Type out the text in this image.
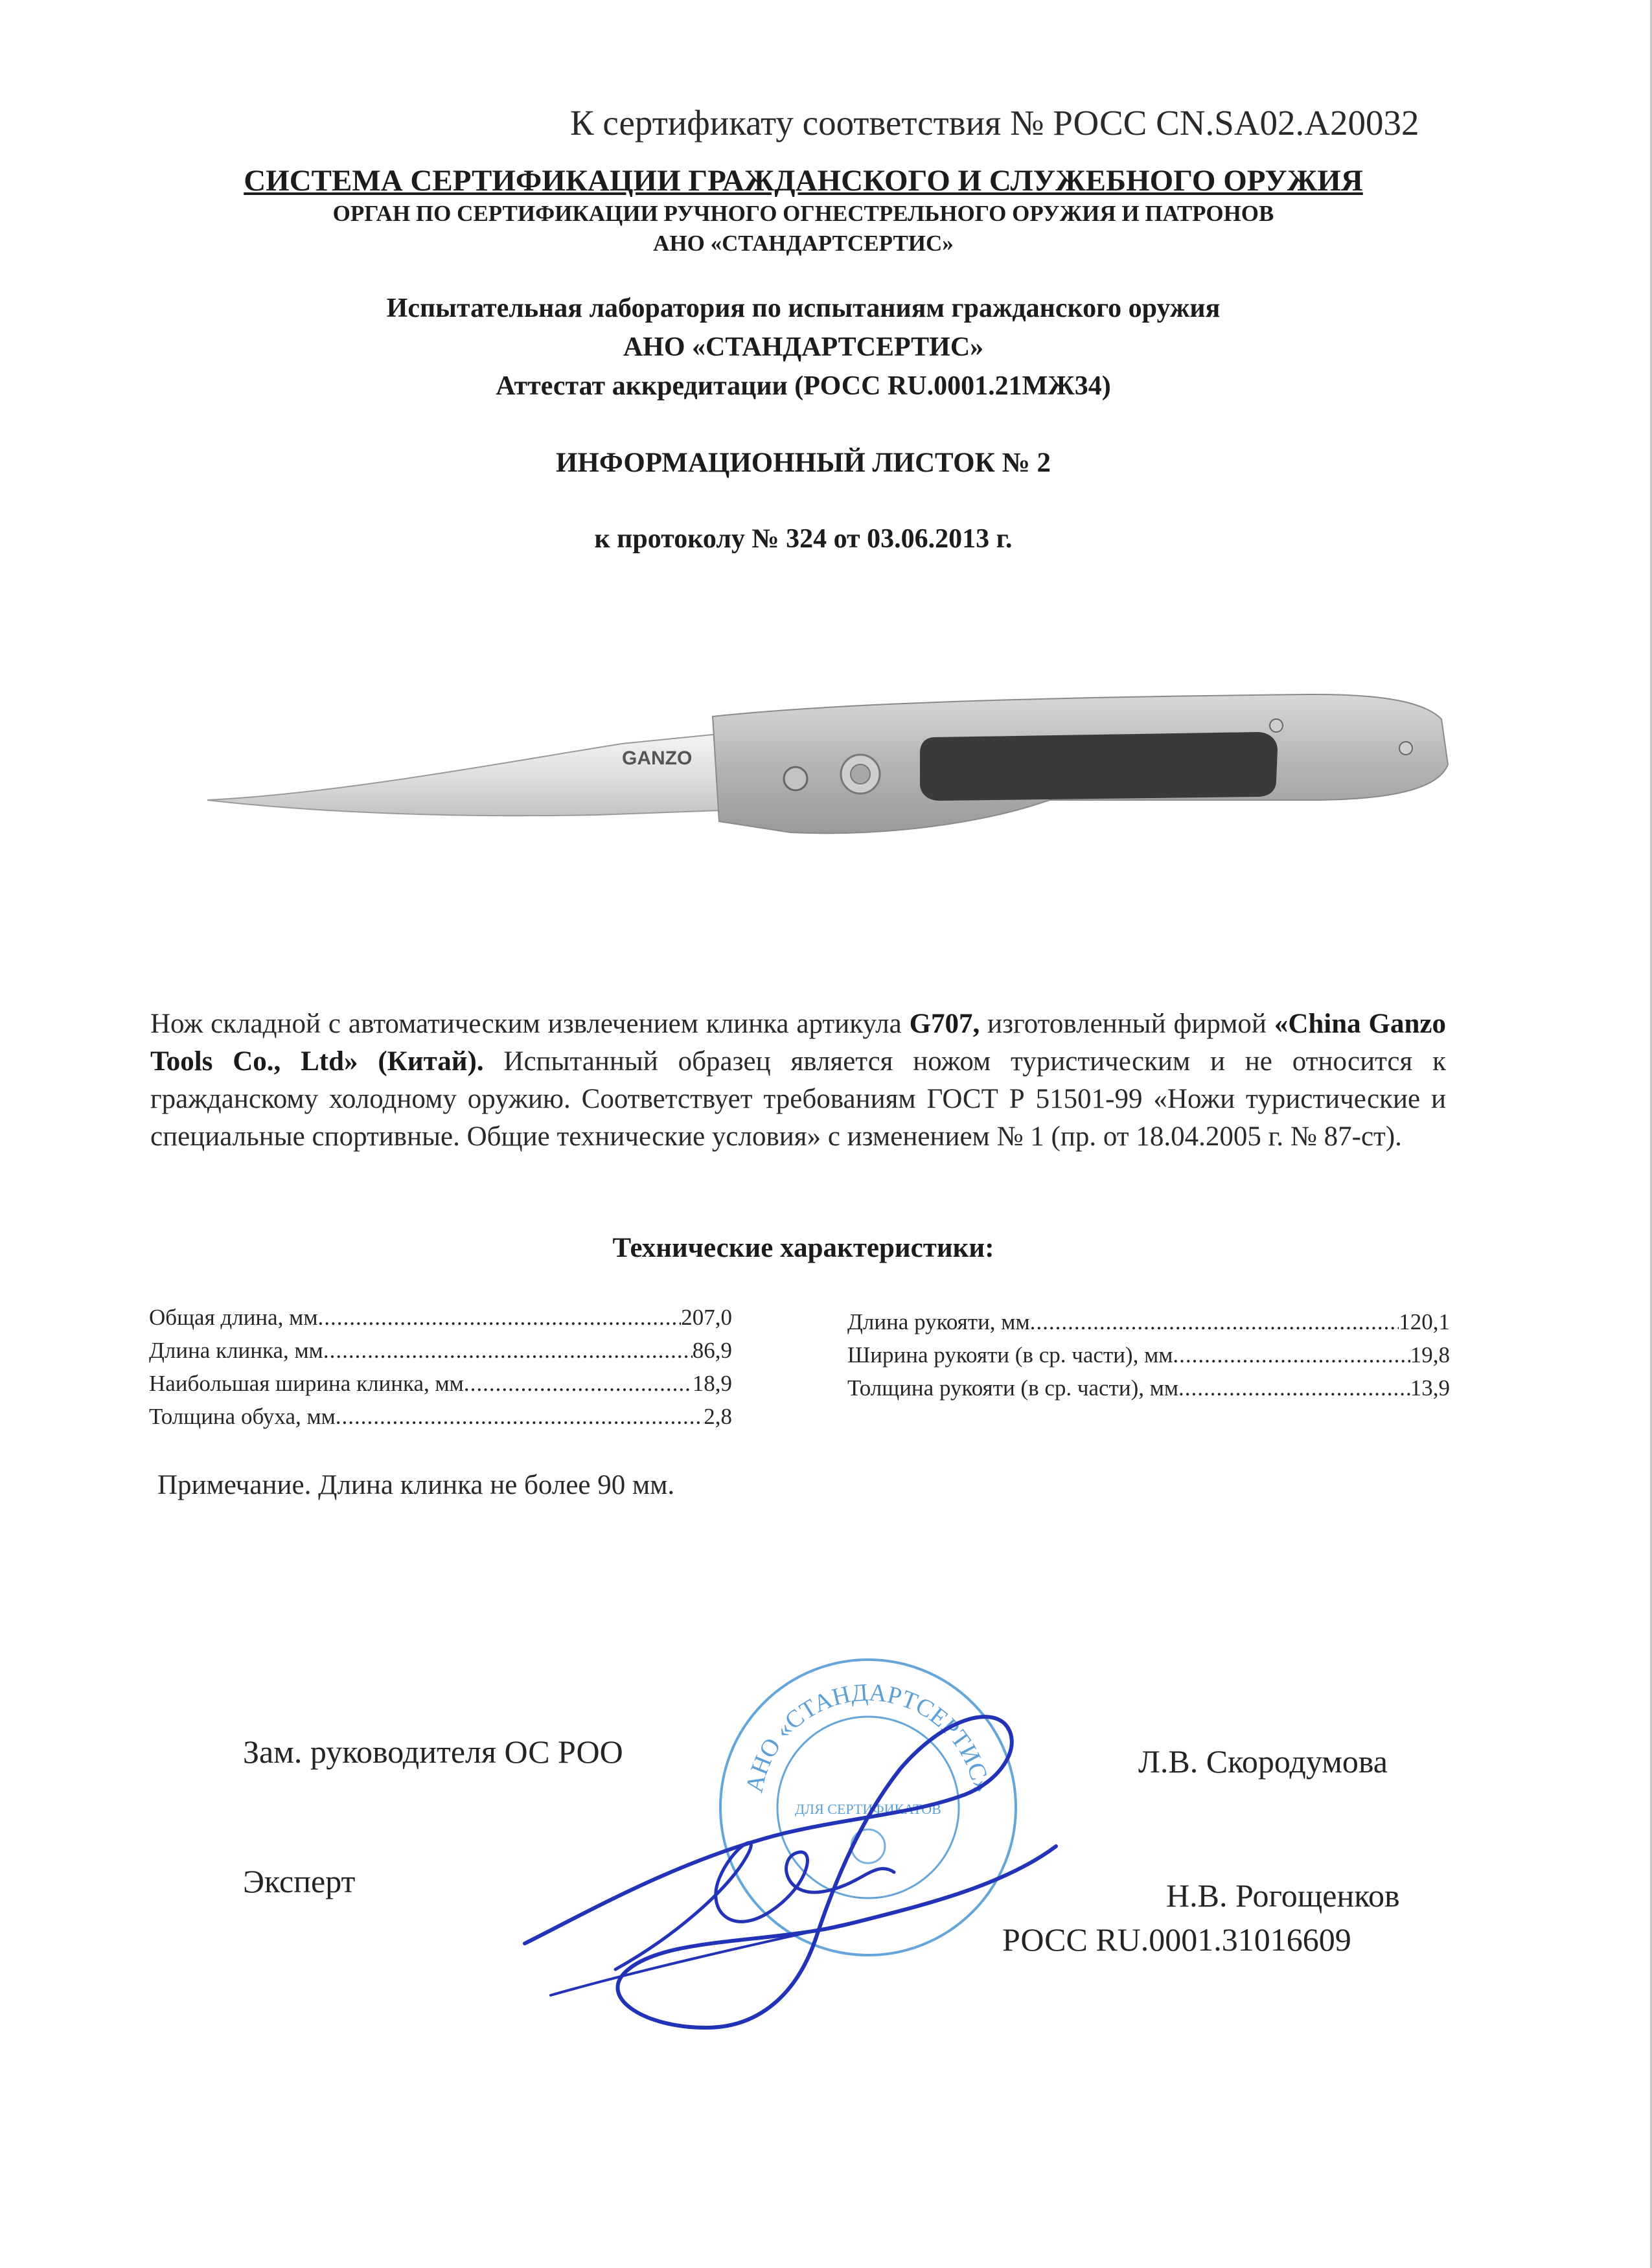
К сертификату соответствия № РОСС CN.SA02.A20032
СИСТЕМА СЕРТИФИКАЦИИ ГРАЖДАНСКОГО И СЛУЖЕБНОГО ОРУЖИЯ
ОРГАН ПО СЕРТИФИКАЦИИ РУЧНОГО ОГНЕСТРЕЛЬНОГО ОРУЖИЯ И ПАТРОНОВ
АНО «СТАНДАРТСЕРТИС»
Испытательная лаборатория по испытаниям гражданского оружия
АНО «СТАНДАРТСЕРТИС»
Аттестат аккредитации (РОСС RU.0001.21МЖ34)
ИНФОРМАЦИОННЫЙ ЛИСТОК № 2
к протоколу № 324 от 03.06.2013 г.
GANZO
Нож складной с автоматическим извлечением клинка артикула G707, изготовленный фирмой «China Ganzo Tools Co., Ltd» (Китай). Испытанный образец является ножом туристическим и не относится к гражданскому холодному оружию. Соответствует требованиям ГОСТ Р 51501-99 «Ножи туристические и специальные спортивные. Общие технические условия» с изменением № 1 (пр. от 18.04.2005 г. № 87-ст).
Технические характеристики:
Общая длина, мм .....	207,0
Длина клинка, мм .....	86,9
Наибольшая ширина клинка, мм .....	18,9
Толщина обуха, мм .....	2,8
Длина рукояти, мм .....	120,1
Ширина рукояти (в ср. части), мм .....	19,8
Толщина рукояти (в ср. части), мм .....	13,9
Примечание. Длина клинка не более 90 мм.
АНО «СТАНДАРТСЕРТИС»
ДЛЯ СЕРТИФИКАТОВ
Зам. руководителя ОС РОО	Л.В. Скородумова
Эксперт	Н.В. Рогощенков
РОСС RU.0001.31016609
